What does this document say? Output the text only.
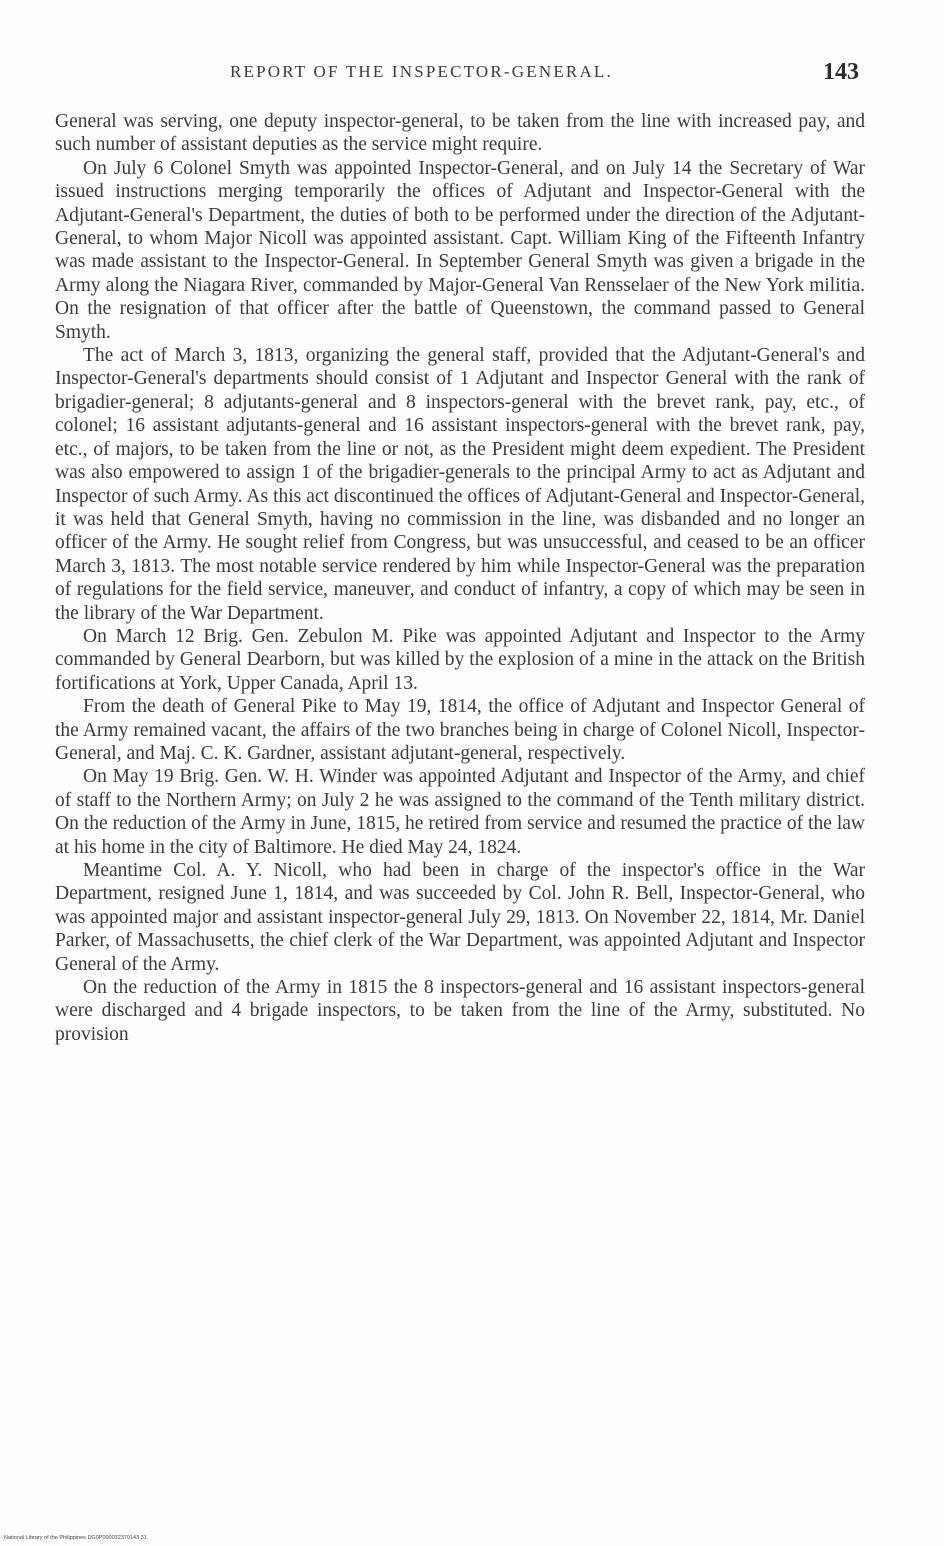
REPORT OF THE INSPECTOR-GENERAL.	143

General was serving, one deputy inspector-general, to be taken from the line with increased pay, and such number of assistant deputies as the service might require.

On July 6 Colonel Smyth was appointed Inspector-General, and on July 14 the Secretary of War issued instructions merging temporarily the offices of Adjutant and Inspector-General with the Adjutant-General's Department, the duties of both to be performed under the direction of the Adjutant-General, to whom Major Nicoll was appointed assistant. Capt. William King of the Fifteenth Infantry was made assistant to the Inspector-General. In September General Smyth was given a brigade in the Army along the Niagara River, commanded by Major-General Van Rensselaer of the New York militia. On the resignation of that officer after the battle of Queenstown, the command passed to General Smyth.

The act of March 3, 1813, organizing the general staff, provided that the Adjutant-General's and Inspector-General's departments should consist of 1 Adjutant and Inspector General with the rank of brigadier-general; 8 adjutants-general and 8 inspectors-general with the brevet rank, pay, etc., of colonel; 16 assistant adjutants-general and 16 assistant inspectors-general with the brevet rank, pay, etc., of majors, to be taken from the line or not, as the President might deem expedient. The President was also empowered to assign 1 of the brigadier-generals to the principal Army to act as Adjutant and Inspector of such Army. As this act discontinued the offices of Adjutant-General and Inspector-General, it was held that General Smyth, having no commission in the line, was disbanded and no longer an officer of the Army. He sought relief from Congress, but was unsuccessful, and ceased to be an officer March 3, 1813. The most notable service rendered by him while Inspector-General was the preparation of regulations for the field service, maneuver, and conduct of infantry, a copy of which may be seen in the library of the War Department.

On March 12 Brig. Gen. Zebulon M. Pike was appointed Adjutant and Inspector to the Army commanded by General Dearborn, but was killed by the explosion of a mine in the attack on the British fortifications at York, Upper Canada, April 13.

From the death of General Pike to May 19, 1814, the office of Adjutant and Inspector General of the Army remained vacant, the affairs of the two branches being in charge of Colonel Nicoll, Inspector-General, and Maj. C. K. Gardner, assistant adjutant-general, respectively.

On May 19 Brig. Gen. W. H. Winder was appointed Adjutant and Inspector of the Army, and chief of staff to the Northern Army; on July 2 he was assigned to the command of the Tenth military district. On the reduction of the Army in June, 1815, he retired from service and resumed the practice of the law at his home in the city of Baltimore. He died May 24, 1824.

Meantime Col. A. Y. Nicoll, who had been in charge of the inspector's office in the War Department, resigned June 1, 1814, and was succeeded by Col. John R. Bell, Inspector-General, who was appointed major and assistant inspector-general July 29, 1813. On November 22, 1814, Mr. Daniel Parker, of Massachusetts, the chief clerk of the War Department, was appointed Adjutant and Inspector General of the Army.

On the reduction of the Army in 1815 the 8 inspectors-general and 16 assistant inspectors-general were discharged and 4 brigade inspectors, to be taken from the line of the Army, substituted. No provision

National Library of the Philippines DG0P000032370143 31
